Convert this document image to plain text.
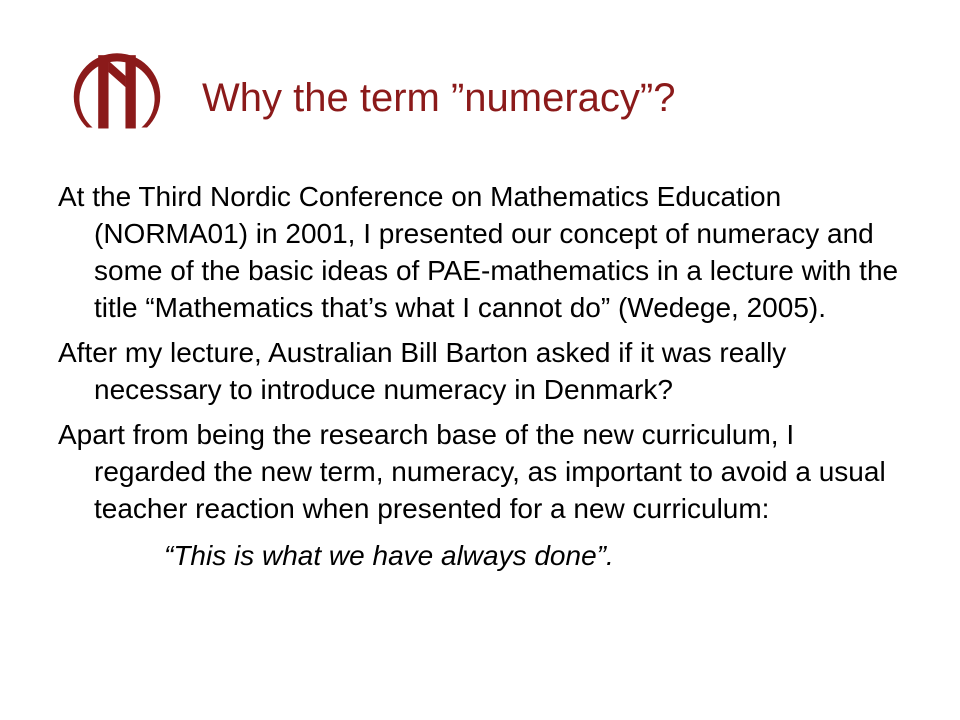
Why the term ”numeracy”?

At the Third Nordic Conference on Mathematics Education (NORMA01) in 2001, I presented our concept of numeracy and some of the basic ideas of PAE-mathematics in a lecture with the title “Mathematics that’s what I cannot do” (Wedege, 2005).

After my lecture, Australian Bill Barton asked if it was really necessary to introduce numeracy in Denmark?

Apart from being the research base of the new curriculum, I regarded the new term, numeracy, as important to avoid a usual teacher reaction when presented for a new curriculum:

“This is what we have always done”.
